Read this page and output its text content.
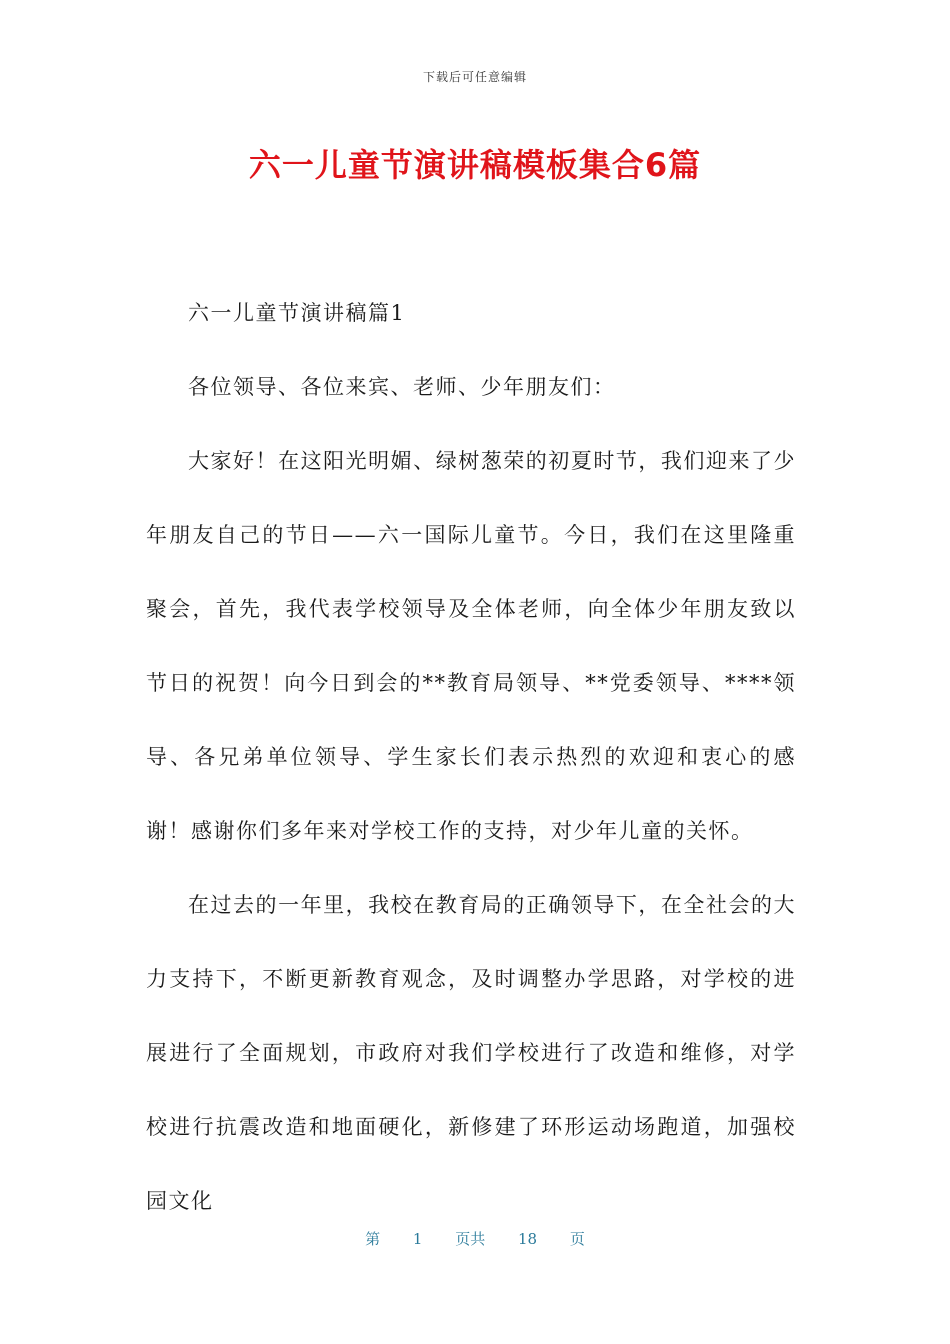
下载后可任意编辑
六一儿童节演讲稿模板集合6篇

六一儿童节演讲稿篇1

各位领导、各位来宾、老师、少年朋友们：

大家好！在这阳光明媚、绿树葱荣的初夏时节，我们迎来了少年朋友自己的节日——六一国际儿童节。今日，我们在这里隆重聚会，首先，我代表学校领导及全体老师，向全体少年朋友致以节日的祝贺！向今日到会的**教育局领导、**党委领导、****领导、各兄弟单位领导、学生家长们表示热烈的欢迎和衷心的感谢！感谢你们多年来对学校工作的支持，对少年儿童的关怀。

在过去的一年里，我校在教育局的正确领导下，在全社会的大力支持下，不断更新教育观念，及时调整办学思路，对学校的进展进行了全面规划，市政府对我们学校进行了改造和维修，对学校进行抗震改造和地面硬化，新修建了环形运动场跑道，加强校园文化

第 1 页共 18 页
